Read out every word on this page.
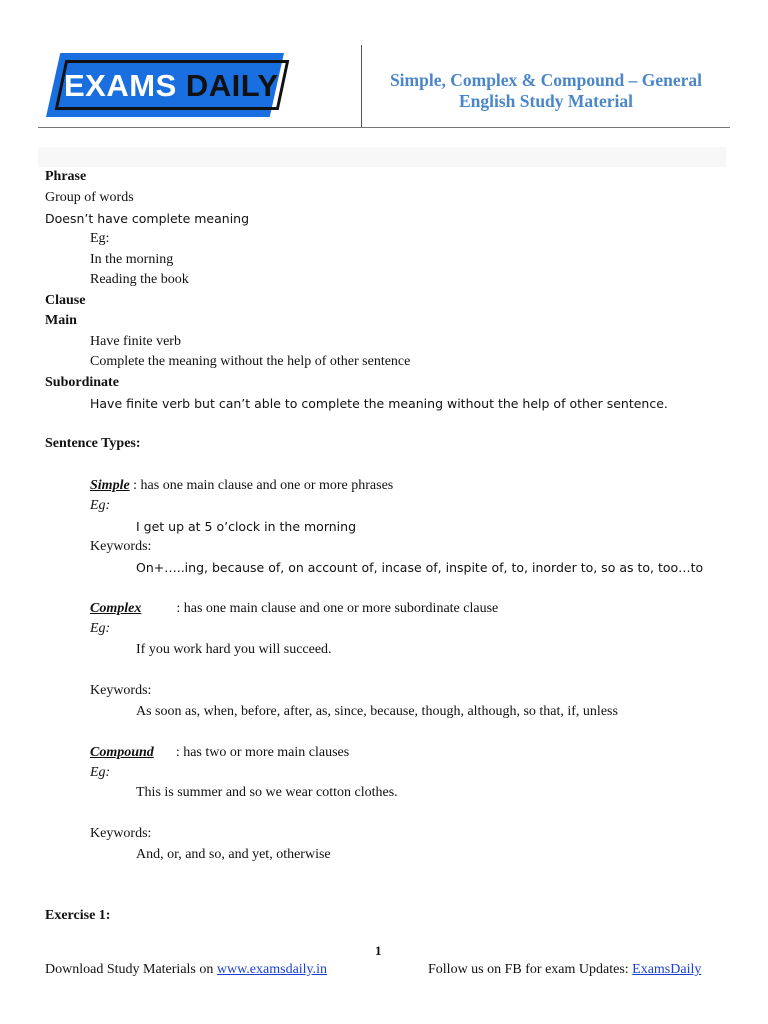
EXAMS DAILY	Simple, Complex & Compound – General
English Study Material
Phrase
Group of words
Doesn’t have complete meaning
Eg:
In the morning
Reading the book
Clause
Main
Have finite verb
Complete the meaning without the help of other sentence
Subordinate
Have finite verb but can’t able to complete the meaning without the help of other sentence.
Sentence Types:
Simple : has one main clause and one or more phrases
Eg:
I get up at 5 o’clock in the morning
Keywords:
On+…..ing, because of, on account of, incase of, inspite of, to, inorder to, so as to, too…to
Complex	: has one main clause and one or more subordinate clause
Eg:
If you work hard you will succeed.
Keywords:
As soon as, when, before, after, as, since, because, though, although, so that, if, unless
Compound : has two or more main clauses
Eg:
This is summer and so we wear cotton clothes.
Keywords:
And, or, and so, and yet, otherwise
Exercise 1:
1
Download Study Materials on www.examsdaily.in	Follow us on FB for exam Updates: ExamsDaily
